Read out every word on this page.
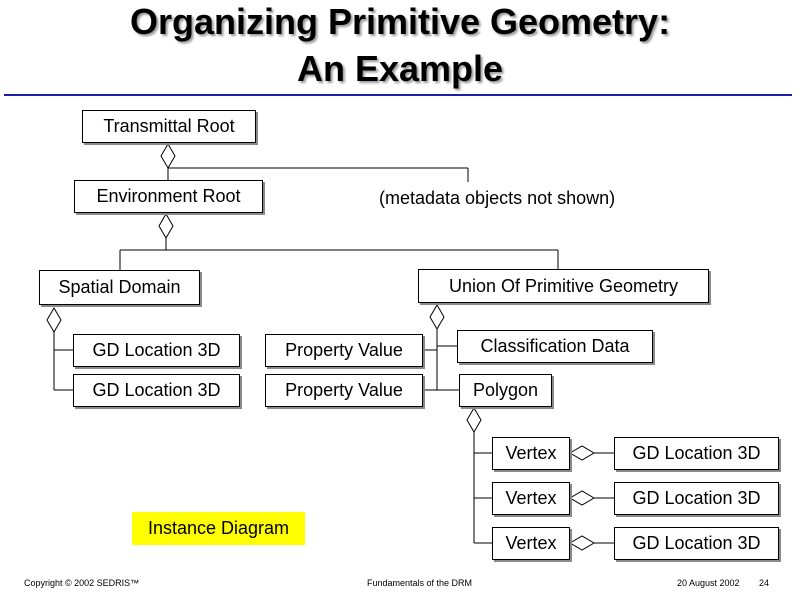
Organizing Primitive Geometry:
An Example
Transmittal Root
Environment Root	(metadata objects not shown)
Spatial Domain	Union Of Primitive Geometry
GD Location 3D
GD Location 3D
Property Value
Property Value
Classification Data
Polygon
Vertex
Vertex
Vertex
GD Location 3D
GD Location 3D
GD Location 3D
Instance Diagram
Copyright © 2002 SEDRIS™	Fundamentals of the DRM	20 August 2002 24
